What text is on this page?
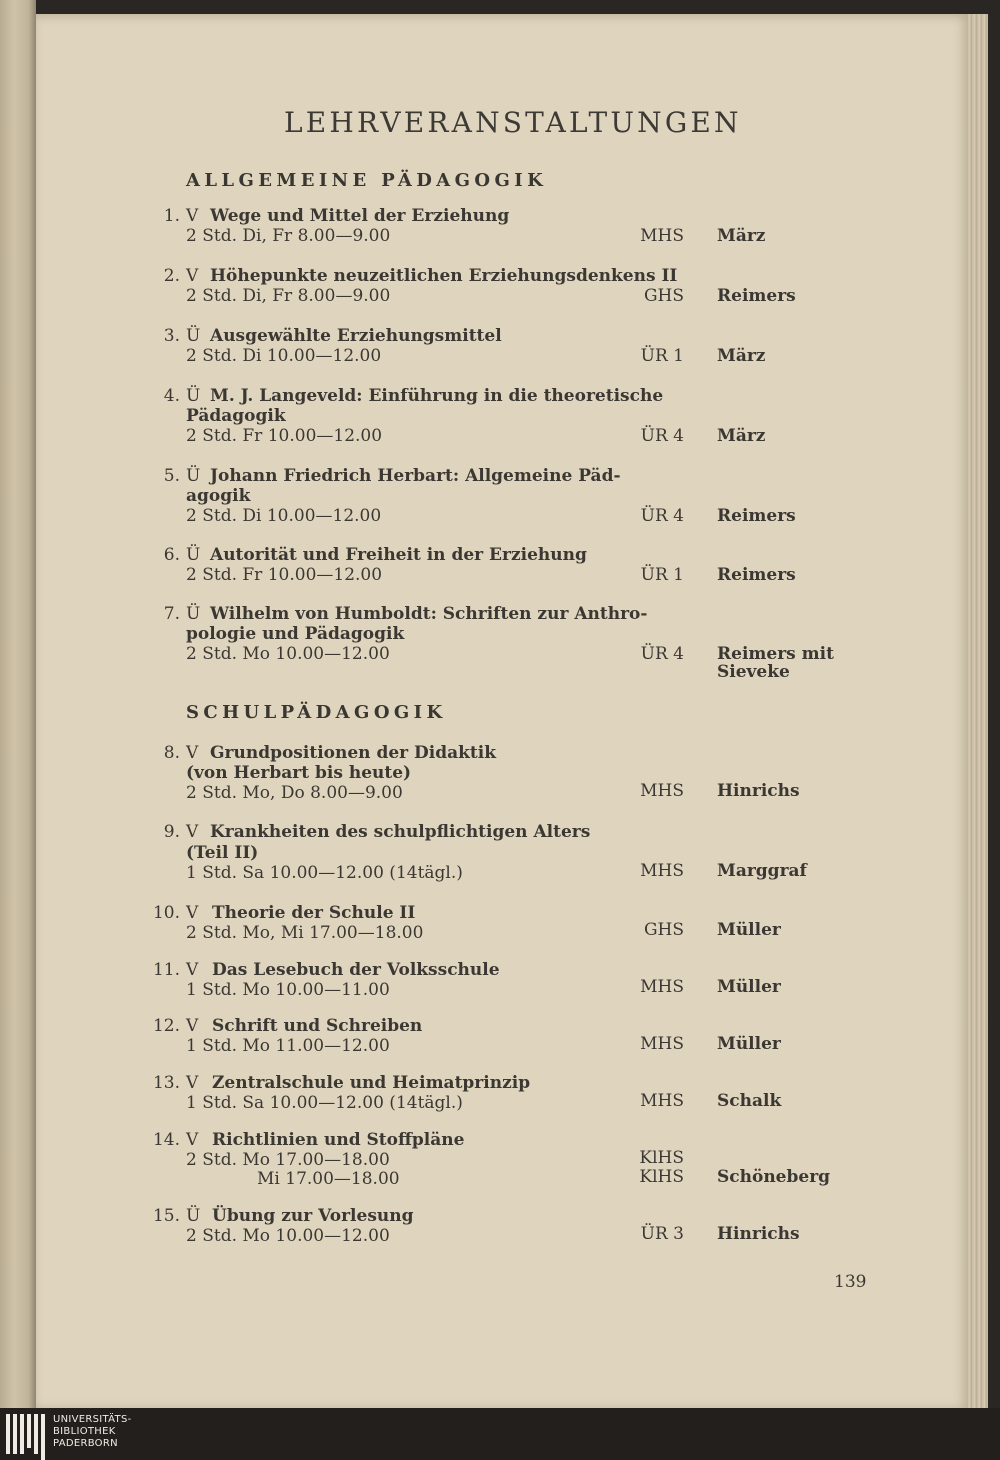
LEHRVERANSTALTUNGEN
ALLGEMEINE PÄDAGOGIK
SCHULPÄDAGOGIK
1. V Wege und Mittel der Erziehung
2 Std. Di, Fr 8.00—9.00	MHS März
2. V Höhepunkte neuzeitlichen Erziehungsdenkens II
2 Std. Di, Fr 8.00—9.00	GHS Reimers
3. Ü Ausgewählte Erziehungsmittel
2 Std. Di 10.00—12.00	ÜR 1 März
4. Ü M. J. Langeveld: Einführung in die theoretische
Pädagogik
2 Std. Fr 10.00—12.00	ÜR 4 März
5. Ü Johann Friedrich Herbart: Allgemeine Päd-
agogik
2 Std. Di 10.00—12.00	ÜR 4 Reimers
6. Ü Autorität und Freiheit in der Erziehung
2 Std. Fr 10.00—12.00	ÜR 1 Reimers
7. Ü Wilhelm von Humboldt: Schriften zur Anthro-
pologie und Pädagogik
2 Std. Mo 10.00—12.00	ÜR 4 Reimers mit
Sieveke
8. V Grundpositionen der Didaktik
(von Herbart bis heute)
2 Std. Mo, Do 8.00—9.00	MHS Hinrichs
9. V Krankheiten des schulpflichtigen Alters
(Teil II)
1 Std. Sa 10.00—12.00 (14tägl.)	MHS Marggraf
10. V Theorie der Schule II
2 Std. Mo, Mi 17.00—18.00	GHS Müller
11. V Das Lesebuch der Volksschule
1 Std. Mo 10.00—11.00	MHS Müller
12. V Schrift und Schreiben
1 Std. Mo 11.00—12.00	MHS Müller
13. V Zentralschule und Heimatprinzip
1 Std. Sa 10.00—12.00 (14tägl.)	MHS Schalk
14. V Richtlinien und Stoffpläne
2 Std. Mo 17.00—18.00	KlHS
Mi 17.00—18.00	KlHS Schöneberg
15. Ü Übung zur Vorlesung
2 Std. Mo 10.00—12.00	ÜR 3 Hinrichs
139
UNIVERSITÄTS-
BIBLIOTHEK
PADERBORN
